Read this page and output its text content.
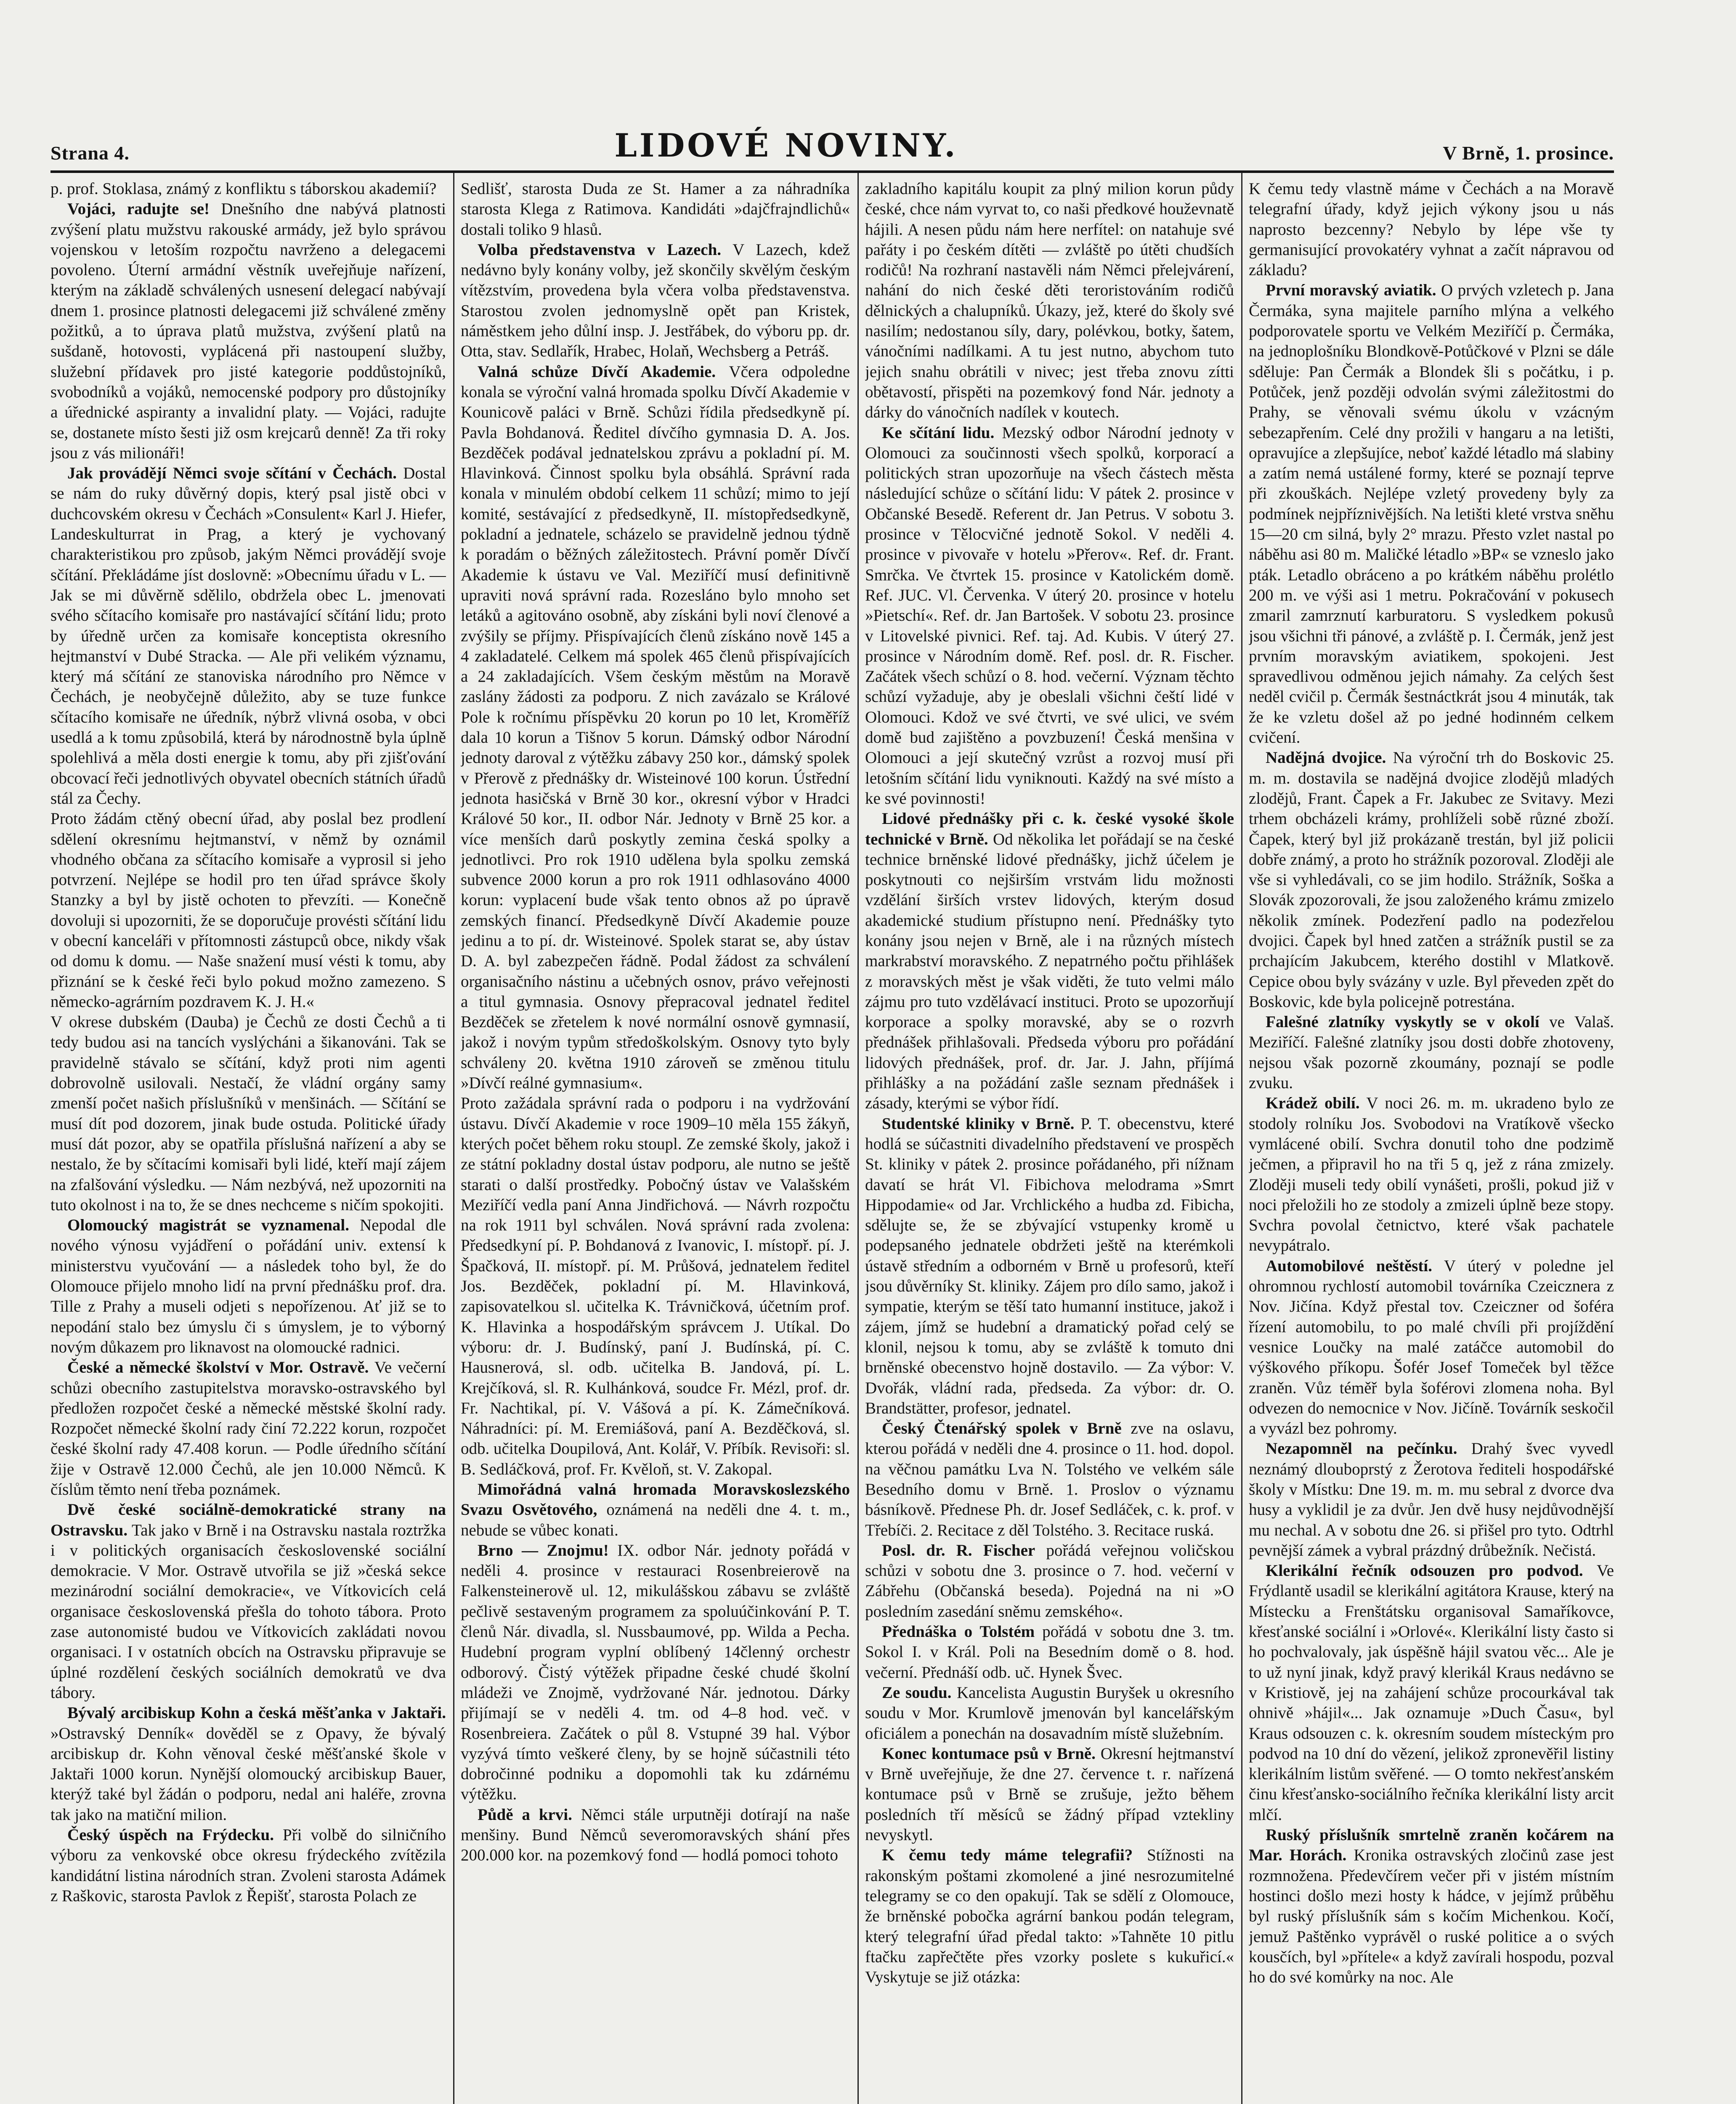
Strana 4.	LIDOVÉ NOVINY.	V Brně, 1. prosince.

p. prof. Stoklasa, známý z konfliktu s táborskou akademií?

Vojáci, radujte se! Dnešního dne nabývá platnosti zvýšení platu mužstvu rakouské armády, jež bylo správou vojenskou v letoším rozpočtu navrženo a delegacemi povoleno. Úterní armádní věstník uveřejňuje nařízení, kterým na základě schválených usnesení delegací nabývají dnem 1. prosince platnosti delegacemi již schválené změny požitků, a to úprava platů mužstva, zvýšení platů na sušdaně, hotovosti, vyplácená při nastoupení služby, služební přídavek pro jisté kategorie poddůstojníků, svobodníků a vojáků, nemocenské podpory pro důstojníky a úřednické aspiranty a invalidní platy. — Vojáci, radujte se, dostanete místo šesti již osm krejcarů denně! Za tři roky jsou z vás milionáři!

Jak provádějí Němci svoje sčítání v Čechách. Dostal se nám do ruky důvěrný dopis, který psal jistě obci v duchcovském okresu v Čechách »Consulent« Karl J. Hiefer, Landeskulturrat in Prag, a který je vychovaný charakteristikou pro způsob, jakým Němci provádějí svoje sčítání. Překládáme jíst doslovně: »Obecnímu úřadu v L. — Jak se mi důvěrně sdělilo, obdržela obec L. jmenovati svého sčítacího komisaře pro nastávající sčítání lidu; proto by úředně určen za komisaře konceptista okresního hejtmanství v Dubé Stracka. — Ale při velikém významu, který má sčítání ze stanoviska národního pro Němce v Čechách, je neobyčejně důležito, aby se tuze funkce sčítacího komisaře ne úředník, nýbrž vlivná osoba, v obci usedlá a k tomu způsobilá, která by národnostně byla úplně spolehlivá a měla dosti energie k tomu, aby při zjišťování obcovací řeči jednotlivých obyvatel obecních státních úřadů stál za Čechy.

Proto žádám ctěný obecní úřad, aby poslal bez prodlení sdělení okresnímu hejtmanství, v němž by oznámil vhodného občana za sčítacího komisaře a vyprosil si jeho potvrzení. Nejlépe se hodil pro ten úřad správce školy Stanzky a byl by jistě ochoten to převzíti. — Konečně dovoluji si upozorniti, že se doporučuje provésti sčítání lidu v obecní kanceláři v přítomnosti zástupců obce, nikdy však od domu k domu. — Naše snažení musí vésti k tomu, aby přiznání se k české řeči bylo pokud možno zamezeno. S německo-agrárním pozdravem K. J. H.«

V okrese dubském (Dauba) je Čechů ze dosti Čechů a ti tedy budou asi na tancích vyslýcháni a šikanováni. Tak se pravidelně stávalo se sčítání, když proti nim agenti dobrovolně usilovali. Nestačí, že vládní orgány samy zmenší počet našich příslušníků v menšinách. — Sčítání se musí dít pod dozorem, jinak bude ostuda. Politické úřady musí dát pozor, aby se opatřila příslušná nařízení a aby se nestalo, že by sčítacími komisaři byli lidé, kteří mají zájem na zfalšování výsledku. — Nám nezbývá, než upozorniti na tuto okolnost i na to, že se dnes nechceme s ničím spokojiti.

Olomoucký magistrát se vyznamenal. Nepodal dle nového výnosu vyjádření o pořádání univ. extensí k ministerstvu vyučování — a následek toho byl, že do Olomouce přijelo mnoho lidí na první přednášku prof. dra. Tille z Prahy a museli odjeti s nepořízenou. Ať již se to nepodání stalo bez úmyslu či s úmyslem, je to výborný novým důkazem pro liknavost na olomoucké radnici.

České a německé školství v Mor. Ostravě. Ve večerní schůzi obecního zastupitelstva moravsko-ostravského byl předložen rozpočet české a německé městské školní rady. Rozpočet německé školní rady činí 72.222 korun, rozpočet české školní rady 47.408 korun. — Podle úředního sčítání žije v Ostravě 12.000 Čechů, ale jen 10.000 Němců. K číslům těmto není třeba poznámek.

Dvě české sociálně-demokratické strany na Ostravsku. Tak jako v Brně i na Ostravsku nastala roztržka i v politických organisacích československé sociální demokracie. V Mor. Ostravě utvořila se již »česká sekce mezinárodní sociální demokracie«, ve Vítkovicích celá organisace československá přešla do tohoto tábora. Proto zase autonomisté budou ve Vítkovicích zakládati novou organisaci. I v ostatních obcích na Ostravsku připravuje se úplné rozdělení českých sociálních demokratů ve dva tábory.

Bývalý arcibiskup Kohn a česká měšťanka v Jaktaři. »Ostravský Denník« dověděl se z Opavy, že bývalý arcibiskup dr. Kohn věnoval české měšťanské škole v Jaktaři 1000 korun. Nynější olomoucký arcibiskup Bauer, kterýž také byl žádán o podporu, nedal ani haléře, zrovna tak jako na matiční milion.

Český úspěch na Frýdecku. Při volbě do silničního výboru za venkovské obce okresu frýdeckého zvítězila kandidátní listina národních stran. Zvoleni starosta Adámek z Raškovic, starosta Pavlok z Řepišť, starosta Polach ze

Sedlišť, starosta Duda ze St. Hamer a za náhradníka starosta Klega z Ratimova. Kandidáti »dajčfrajndlichů« dostali toliko 9 hlasů.

Volba představenstva v Lazech. V Lazech, kdež nedávno byly konány volby, jež skončily skvělým českým vítězstvím, provedena byla včera volba představenstva. Starostou zvolen jednomyslně opět pan Kristek, náměstkem jeho důlní insp. J. Jestřábek, do výboru pp. dr. Otta, stav. Sedlařík, Hrabec, Holaň, Wechsberg a Petráš.

Valná schůze Dívčí Akademie. Včera odpoledne konala se výroční valná hromada spolku Dívčí Akademie v Kounicově paláci v Brně. Schůzi řídila předsedkyně pí. Pavla Bohdanová. Ředitel dívčího gymnasia D. A. Jos. Bezděček podával jednatelskou zprávu a pokladní pí. M. Hlavinková. Činnost spolku byla obsáhlá. Správní rada konala v minulém období celkem 11 schůzí; mimo to její komité, sestávající z předsedkyně, II. místopředsedkyně, pokladní a jednatele, scházelo se pravidelně jednou týdně k poradám o běžných záležitostech. Právní poměr Dívčí Akademie k ústavu ve Val. Meziříčí musí definitivně upraviti nová správní rada. Rozesláno bylo mnoho set letáků a agitováno osobně, aby získáni byli noví členové a zvýšily se příjmy. Přispívajících členů získáno nově 145 a 4 zakladatelé. Celkem má spolek 465 členů přispívajících a 24 zakladajících. Všem českým městům na Moravě zaslány žádosti za podporu. Z nich zavázalo se Králové Pole k ročnímu příspěvku 20 korun po 10 let, Kroměříž dala 10 korun a Tišnov 5 korun. Dámský odbor Národní jednoty daroval z výtěžku zábavy 250 kor., dámský spolek v Přerově z přednášky dr. Wisteinové 100 korun. Ústřední jednota hasičská v Brně 30 kor., okresní výbor v Hradci Králové 50 kor., II. odbor Nár. Jednoty v Brně 25 kor. a více menších darů poskytly zemina česká spolky a jednotlivci. Pro rok 1910 udělena byla spolku zemská subvence 2000 korun a pro rok 1911 odhlasováno 4000 korun: vyplacení bude však tento obnos až po úpravě zemských financí. Předsedkyně Dívčí Akademie pouze jedinu a to pí. dr. Wisteinové. Spolek starat se, aby ústav D. A. byl zabezpečen řádně. Podal žádost za schválení organisačního nástinu a učebných osnov, právo veřejnosti a titul gymnasia. Osnovy přepracoval jednatel ředitel Bezděček se zřetelem k nové normální osnově gymnasií, jakož i novým typům středoškolským. Osnovy tyto byly schváleny 20. května 1910 zároveň se změnou titulu »Dívčí reálné gymnasium«.

Proto zažádala správní rada o podporu i na vydržování ústavu. Dívčí Akademie v roce 1909–10 měla 155 žákyň, kterých počet během roku stoupl. Ze zemské školy, jakož i ze státní pokladny dostal ústav podporu, ale nutno se ještě starati o další prostředky. Pobočný ústav ve Valašském Meziříčí vedla paní Anna Jindřichová. — Návrh rozpočtu na rok 1911 byl schválen. Nová správní rada zvolena: Předsedkyní pí. P. Bohdanová z Ivanovic, I. místopř. pí. J. Špačková, II. místopř. pí. M. Průšová, jednatelem ředitel Jos. Bezděček, pokladní pí. M. Hlavinková, zapisovatelkou sl. učitelka K. Trávničková, účetním prof. K. Hlavinka a hospodářským správcem J. Utíkal. Do výboru: dr. J. Budínský, paní J. Budínská, pí. C. Hausnerová, sl. odb. učitelka B. Jandová, pí. L. Krejčíková, sl. R. Kulhánková, soudce Fr. Mézl, prof. dr. Fr. Nachtikal, pí. V. Vášová a pí. K. Zámečníková. Náhradníci: pí. M. Eremiášová, paní A. Bezděčková, sl. odb. učitelka Doupilová, Ant. Kolář, V. Příbík. Revisoři: sl. B. Sedláčková, prof. Fr. Kvěloň, st. V. Zakopal.

Mimořádná valná hromada Moravskoslezského Svazu Osvětového, oznámená na neděli dne 4. t. m., nebude se vůbec konati.

Brno — Znojmu! IX. odbor Nár. jednoty pořádá v neděli 4. prosince v restauraci Rosenbreierově na Falkensteinerově ul. 12, mikulášskou zábavu se zvláště pečlivě sestaveným programem za spoluúčinkování P. T. členů Nár. divadla, sl. Nussbaumové, pp. Wilda a Pecha. Hudební program vyplní oblíbený 14členný orchestr odborový. Čistý výtěžek připadne české chudé školní mládeži ve Znojmě, vydržované Nár. jednotou. Dárky přijímají se v neděli 4. tm. od 4–8 hod. več. v Rosenbreiera. Začátek o půl 8. Vstupné 39 hal. Výbor vyzývá tímto veškeré členy, by se hojně súčastnili této dobročinné podniku a dopomohli tak ku zdárnému výtěžku.

Půdě a krvi. Němci stále urputněji dotírají na naše menšiny. Bund Němců severomoravských shání přes 200.000 kor. na pozemkový fond — hodlá pomoci tohoto

zakladního kapitálu koupit za plný milion korun půdy české, chce nám vyrvat to, co naši předkové houževnatě hájili. A nesen půdu nám here nerfítel: on natahuje své pařáty i po českém dítěti — zvláště po útěti chudších rodičů! Na rozhraní nastavěli nám Němci přelejvárení, nahání do nich české děti teroristováním rodičů dělnických a chalupníků. Úkazy, jež, které do školy své nasilím; nedostanou síly, dary, polévkou, botky, šatem, vánočními nadílkami. A tu jest nutno, abychom tuto jejich snahu obrátili v nivec; jest třeba znovu zítti obětavostí, přispěti na pozemkový fond Nár. jednoty a dárky do vánočních nadílek v koutech.

Ke sčítání lidu. Mezský odbor Národní jednoty v Olomouci za součinnosti všech spolků, korporací a politických stran upozorňuje na všech částech města následující schůze o sčítání lidu: V pátek 2. prosince v Občanské Besedě. Referent dr. Jan Petrus. V sobotu 3. prosince v Tělocvičné jednotě Sokol. V neděli 4. prosince v pivovaře v hotelu »Přerov«. Ref. dr. Frant. Smrčka. Ve čtvrtek 15. prosince v Katolickém domě. Ref. JUC. Vl. Červenka. V úterý 20. prosince v hotelu »Pietschí«. Ref. dr. Jan Bartošek. V sobotu 23. prosince v Litovelské pivnici. Ref. taj. Ad. Kubis. V úterý 27. prosince v Národním domě. Ref. posl. dr. R. Fischer. Začátek všech schůzí o 8. hod. večerní. Význam těchto schůzí vyžaduje, aby je obeslali všichni čeští lidé v Olomouci. Kdož ve své čtvrti, ve své ulici, ve svém domě bud zajištěno a povzbuzení! Česká menšina v Olomouci a její skutečný vzrůst a rozvoj musí při letošním sčítání lidu vyniknouti. Každý na své místo a ke své povinnosti!

Lidové přednášky při c. k. české vysoké škole technické v Brně. Od několika let pořádají se na české technice brněnské lidové přednášky, jichž účelem je poskytnouti co nejširším vrstvám lidu možnosti vzdělání širších vrstev lidových, kterým dosud akademické studium přístupno není. Přednášky tyto konány jsou nejen v Brně, ale i na různých místech markrabství moravského. Z nepatrného počtu přihlášek z moravských měst je však viděti, že tuto velmi málo zájmu pro tuto vzdělávací instituci. Proto se upozorňují korporace a spolky moravské, aby se o rozvrh přednášek přihlašovali. Předseda výboru pro pořádání lidových přednášek, prof. dr. Jar. J. Jahn, příjímá přihlášky a na požádání zašle seznam přednášek i zásady, kterými se výbor řídí.

Studentské kliniky v Brně. P. T. obecenstvu, které hodlá se súčastniti divadelního představení ve prospěch St. kliniky v pátek 2. prosince pořádaného, při nížnam davatí se hrát Vl. Fibichova melodrama »Smrt Hippodamie« od Jar. Vrchlického a hudba zd. Fibicha, sdělujte se, že se zbývající vstupenky kromě u podepsaného jednatele obdržeti ještě na kterémkoli ústavě středním a odborném v Brně u profesorů, kteří jsou důvěrníky St. kliniky. Zájem pro dílo samo, jakož i sympatie, kterým se těší tato humanní instituce, jakož i zájem, jímž se hudební a dramatický pořad celý se klonil, nejsou k tomu, aby se zvláště k tomuto dni brněnské obecenstvo hojně dostavilo. — Za výbor: V. Dvořák, vládní rada, předseda. Za výbor: dr. O. Brandstätter, profesor, jednatel.

Český Čtenářský spolek v Brně zve na oslavu, kterou pořádá v neděli dne 4. prosince o 11. hod. dopol. na věčnou památku Lva N. Tolstého ve velkém sále Besedního domu v Brně. 1. Proslov o významu básníkově. Přednese Ph. dr. Josef Sedláček, c. k. prof. v Třebíči. 2. Recitace z děl Tolstého. 3. Recitace ruská.

Posl. dr. R. Fischer pořádá veřejnou voličskou schůzi v sobotu dne 3. prosince o 7. hod. večerní v Zábřehu (Občanská beseda). Pojedná na ni »O posledním zasedání sněmu zemského«.

Přednáška o Tolstém pořádá v sobotu dne 3. tm. Sokol I. v Král. Poli na Besedním domě o 8. hod. večerní. Přednáší odb. uč. Hynek Švec.

Ze soudu. Kancelista Augustin Buryšek u okresního soudu v Mor. Krumlově jmenován byl kancelářským oficiálem a ponechán na dosavadním místě služebním.

Konec kontumace psů v Brně. Okresní hejtmanství v Brně uveřejňuje, že dne 27. července t. r. nařízená kontumace psů v Brně se zrušuje, ježto během posledních tří měsíců se žádný případ vztekliny nevyskytl.

K čemu tedy máme telegrafii? Stížnosti na rakonským poštami zkomolené a jiné nesrozumitelné telegramy se co den opakují. Tak se sdělí z Olomouce, že brněnské pobočka agrární bankou podán telegram, který telegrafní úřad předal takto: »Tahněte 10 pitlu ftačku zapřečtěte přes vzorky poslete s kukuřicí.« Vyskytuje se již otázka:

K čemu tedy vlastně máme v Čechách a na Moravě telegrafní úřady, když jejich výkony jsou u nás naprosto bezcenny? Nebylo by lépe vše ty germanisující provokatéry vyhnat a začít nápravou od základu?

První moravský aviatik. O prvých vzletech p. Jana Čermáka, syna majitele parního mlýna a velkého podporovatele sportu ve Velkém Meziříčí p. Čermáka, na jednoplošníku Blondkově-Potůčkové v Plzni se dále sděluje: Pan Čermák a Blondek šli s počátku, i p. Potůček, jenž později odvolán svými záležitostmi do Prahy, se věnovali svému úkolu v vzácným sebezapřením. Celé dny prožili v hangaru a na letišti, opravujíce a zlepšujíce, neboť každé létadlo má slabiny a zatím nemá ustálené formy, které se poznají teprve při zkouškách. Nejlépe vzletý provedeny byly za podmínek nejpříznivějších. Na letišti kleté vrstva sněhu 15—20 cm silná, byly 2° mrazu. Přesto vzlet nastal po náběhu asi 80 m. Maličké létadlo »BP« se vzneslo jako pták. Letadlo obráceno a po krátkém náběhu prolétlo 200 m. ve výši asi 1 metru. Pokračování v pokusech zmaril zamrznutí karburatoru. S vysledkem pokusů jsou všichni tři pánové, a zvláště p. I. Čermák, jenž jest prvním moravským aviatikem, spokojeni. Jest spravedlivou odměnou jejich námahy. Za celých šest neděl cvičil p. Čermák šestnáctkrát jsou 4 minuták, tak že ke vzletu došel až po jedné hodinném celkem cvičení.

Nadějná dvojice. Na výroční trh do Boskovic 25. m. m. dostavila se nadějná dvojice zlodějů mladých zlodějů, Frant. Čapek a Fr. Jakubec ze Svitavy. Mezi trhem obcházeli krámy, prohlíželi sobě různé zboží. Čapek, který byl již prokázaně trestán, byl již policii dobře známý, a proto ho strážník pozoroval. Zloději ale vše si vyhledávali, co se jim hodilo. Strážník, Soška a Slovák zpozorovali, že jsou založeného krámu zmizelo několik zmínek. Podezření padlo na podezřelou dvojici. Čapek byl hned zatčen a strážník pustil se za prchajícím Jakubcem, kterého dostihl v Mlatkově. Cepice obou byly svázány v uzle. Byl převeden zpět do Boskovic, kde byla policejně potrestána.

Falešné zlatníky vyskytly se v okolí ve Valaš. Meziříčí. Falešné zlatníky jsou dosti dobře zhotoveny, nejsou však pozorně zkoumány, poznají se podle zvuku.

Krádež obilí. V noci 26. m. m. ukradeno bylo ze stodoly rolníku Jos. Svobodovi na Vratíkově všecko vymlácené obilí. Svchra donutil toho dne podzimě ječmen, a připravil ho na tři 5 q, jež z rána zmizely. Zloději museli tedy obilí vynášeti, prošli, pokud již v noci přeložili ho ze stodoly a zmizeli úplně beze stopy. Svchra povolal četnictvo, které však pachatele nevypátralo.

Automobilové neštěstí. V úterý v poledne jel ohromnou rychlostí automobil továrníka Czeicznera z Nov. Jičína. Když přestal tov. Czeiczner od šoféra řízení automobilu, to po malé chvíli při projíždění vesnice Loučky na malé zatáčce automobil do výškového příkopu. Šofér Josef Tomeček byl těžce zraněn. Vůz téměř byla šoférovi zlomena noha. Byl odvezen do nemocnice v Nov. Jičíně. Továrník seskočil a vyvázl bez pohromy.

Nezapomněl na pečínku. Drahý švec vyvedl neznámý dlouboprstý z Žerotova řediteli hospodářské školy v Místku: Dne 19. m. m. mu sebral z dvorce dva husy a vyklidil je za dvůr. Jen dvě husy nejdůvodnější mu nechal. A v sobotu dne 26. si přišel pro tyto. Odtrhl pevnější zámek a vybral prázdný drůbežník. Nečistá.

Klerikální řečník odsouzen pro podvod. Ve Frýdlantě usadil se klerikální agitátora Krause, který na Místecku a Frenštátsku organisoval Samaříkovce, křesťanské sociální i »Orlové«. Klerikální listy často si ho pochvalovaly, jak úspěšně hájil svatou věc... Ale je to už nyní jinak, když pravý klerikál Kraus nedávno se v Kristiově, jej na zahájení schůze procourkával tak ohnivě »hájil«... Jak oznamuje »Duch Času«, byl Kraus odsouzen c. k. okresním soudem místeckým pro podvod na 10 dní do vězení, jelikož zpronevěřil listiny klerikálním listům svěřené. — O tomto nekřesťanském činu křesťansko-sociálního řečníka klerikální listy arcit mlčí.

Ruský příslušník smrtelně zraněn kočárem na Mar. Horách. Kronika ostravských zločinů zase jest rozmnožena. Předevčírem večer při v jistém místním hostinci došlo mezi hosty k hádce, v jejímž průběhu byl ruský příslušník sám s kočím Michenkou. Kočí, jemuž Paštěnko vyprávěl o ruské politice a o svých kousčích, byl »přítele« a když zavírali hospodu, pozval ho do své komůrky na noc. Ale
